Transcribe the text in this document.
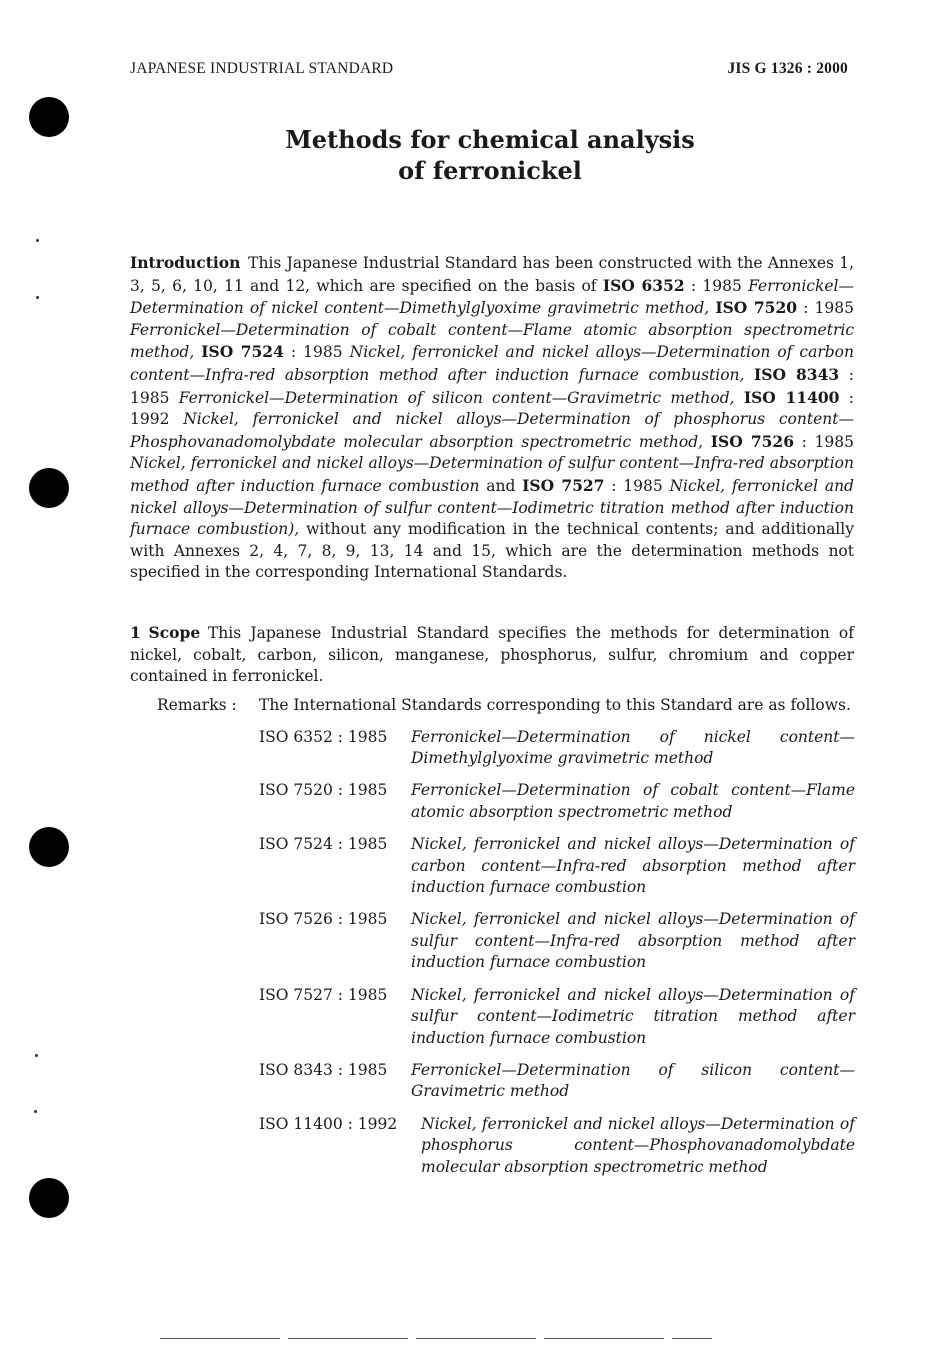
JAPANESE INDUSTRIAL STANDARD	JIS G 1326 : 2000
Methods for chemical analysis
of ferronickel
Introduction  This Japanese Industrial Standard has been constructed with the Annexes 1, 3, 5, 6, 10, 11 and 12, which are specified on the basis of ISO 6352 : 1985 Ferronickel—Determination of nickel content—Dimethylglyoxime gravimetric method, ISO 7520 : 1985 Ferronickel—Determination of cobalt content—Flame atomic absorption spectrometric method, ISO 7524 : 1985 Nickel, ferronickel and nickel alloys—Determination of carbon content—Infra-red absorption method after induction furnace combustion, ISO 8343 : 1985 Ferronickel—Determination of silicon content—Gravimetric method, ISO 11400 : 1992 Nickel, ferronickel and nickel alloys—Determination of phosphorus content—Phosphovanadomolybdate molecular absorption spectrometric method, ISO 7526 : 1985 Nickel, ferronickel and nickel alloys—Determination of sulfur content—Infra-red absorption method after induction furnace combustion and ISO 7527 : 1985 Nickel, ferronickel and nickel alloys—Determination of sulfur content—Iodimetric titration method after induction furnace combustion), without any modification in the technical contents; and additionally with Annexes 2, 4, 7, 8, 9, 13, 14 and 15, which are the determination methods not specified in the corresponding International Standards.
1  Scope  This Japanese Industrial Standard specifies the methods for determination of nickel, cobalt, carbon, silicon, manganese, phosphorus, sulfur, chromium and copper contained in ferronickel.
Remarks : The International Standards corresponding to this Standard are as follows.
ISO 6352 : 1985	Ferronickel—Determination of nickel content—Dimethylglyoxime gravimetric method
ISO 7520 : 1985	Ferronickel—Determination of cobalt content—Flame atomic absorption spectrometric method
ISO 7524 : 1985	Nickel, ferronickel and nickel alloys—Determination of carbon content—Infra-red absorption method after induction furnace combustion
ISO 7526 : 1985	Nickel, ferronickel and nickel alloys—Determination of sulfur content—Infra-red absorption method after induction furnace combustion
ISO 7527 : 1985	Nickel, ferronickel and nickel alloys—Determination of sulfur content—Iodimetric titration method after induction furnace combustion
ISO 8343 : 1985	Ferronickel—Determination of silicon content—Gravimetric method
ISO 11400 : 1992	Nickel, ferronickel and nickel alloys—Determination of phosphorus content—Phosphovanadomolybdate molecular absorption spectrometric method
